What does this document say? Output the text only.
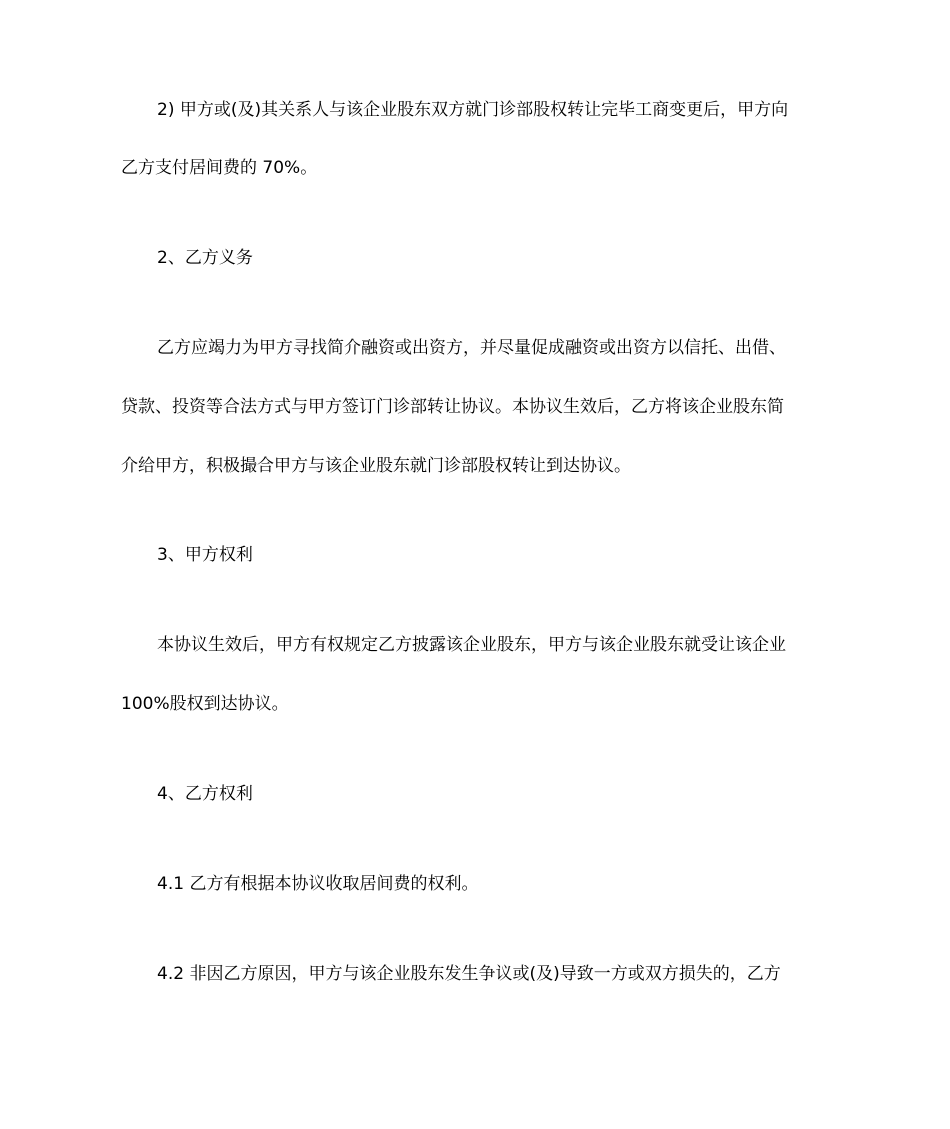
2) 甲方或(及)其关系人与该企业股东双方就门诊部股权转让完毕工商变更后，甲方向
乙方支付居间费的 70%。
2、乙方义务
乙方应竭力为甲方寻找简介融资或出资方，并尽量促成融资或出资方以信托、出借、
贷款、投资等合法方式与甲方签订门诊部转让协议。本协议生效后，乙方将该企业股东简
介给甲方，积极撮合甲方与该企业股东就门诊部股权转让到达协议。
3、甲方权利
本协议生效后，甲方有权规定乙方披露该企业股东，甲方与该企业股东就受让该企业
100%股权到达协议。
4、乙方权利
4.1 乙方有根据本协议收取居间费的权利。
4.2 非因乙方原因，甲方与该企业股东发生争议或(及)导致一方或双方损失的，乙方
